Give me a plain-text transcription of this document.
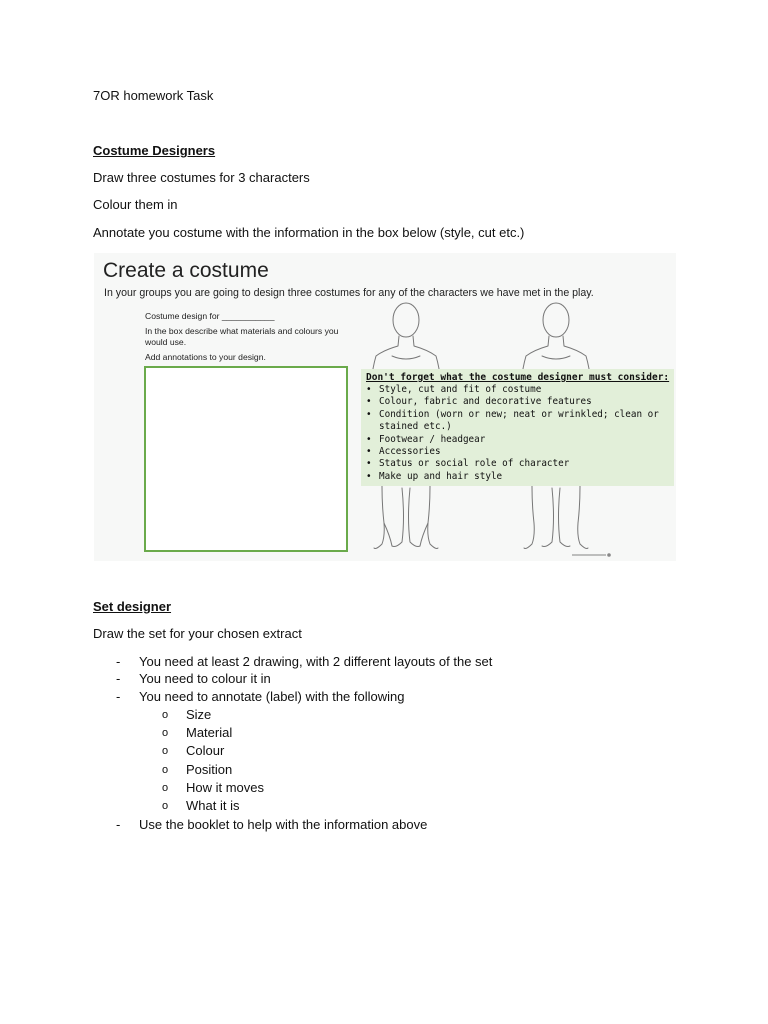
7OR homework Task

Costume Designers

Draw three costumes for 3 characters

Colour them in

Annotate you costume with the information in the box below (style, cut etc.)

Create a costume
In your groups you are going to design three costumes for any of the characters we have met in the play.
Costume design for ___________
In the box describe what materials and colours you would use.
Add annotations to your design.
Don't forget what the costume designer must consider:
• Style, cut and fit of costume
• Colour, fabric and decorative features
• Condition (worn or new; neat or wrinkled; clean or stained etc.)
• Footwear / headgear
• Accessories
• Status or social role of character
• Make up and hair style

Set designer

Draw the set for your chosen extract

- You need at least 2 drawing, with 2 different layouts of the set
- You need to colour it in
- You need to annotate (label) with the following
o Size
o Material
o Colour
o Position
o How it moves
o What it is
- Use the booklet to help with the information above
